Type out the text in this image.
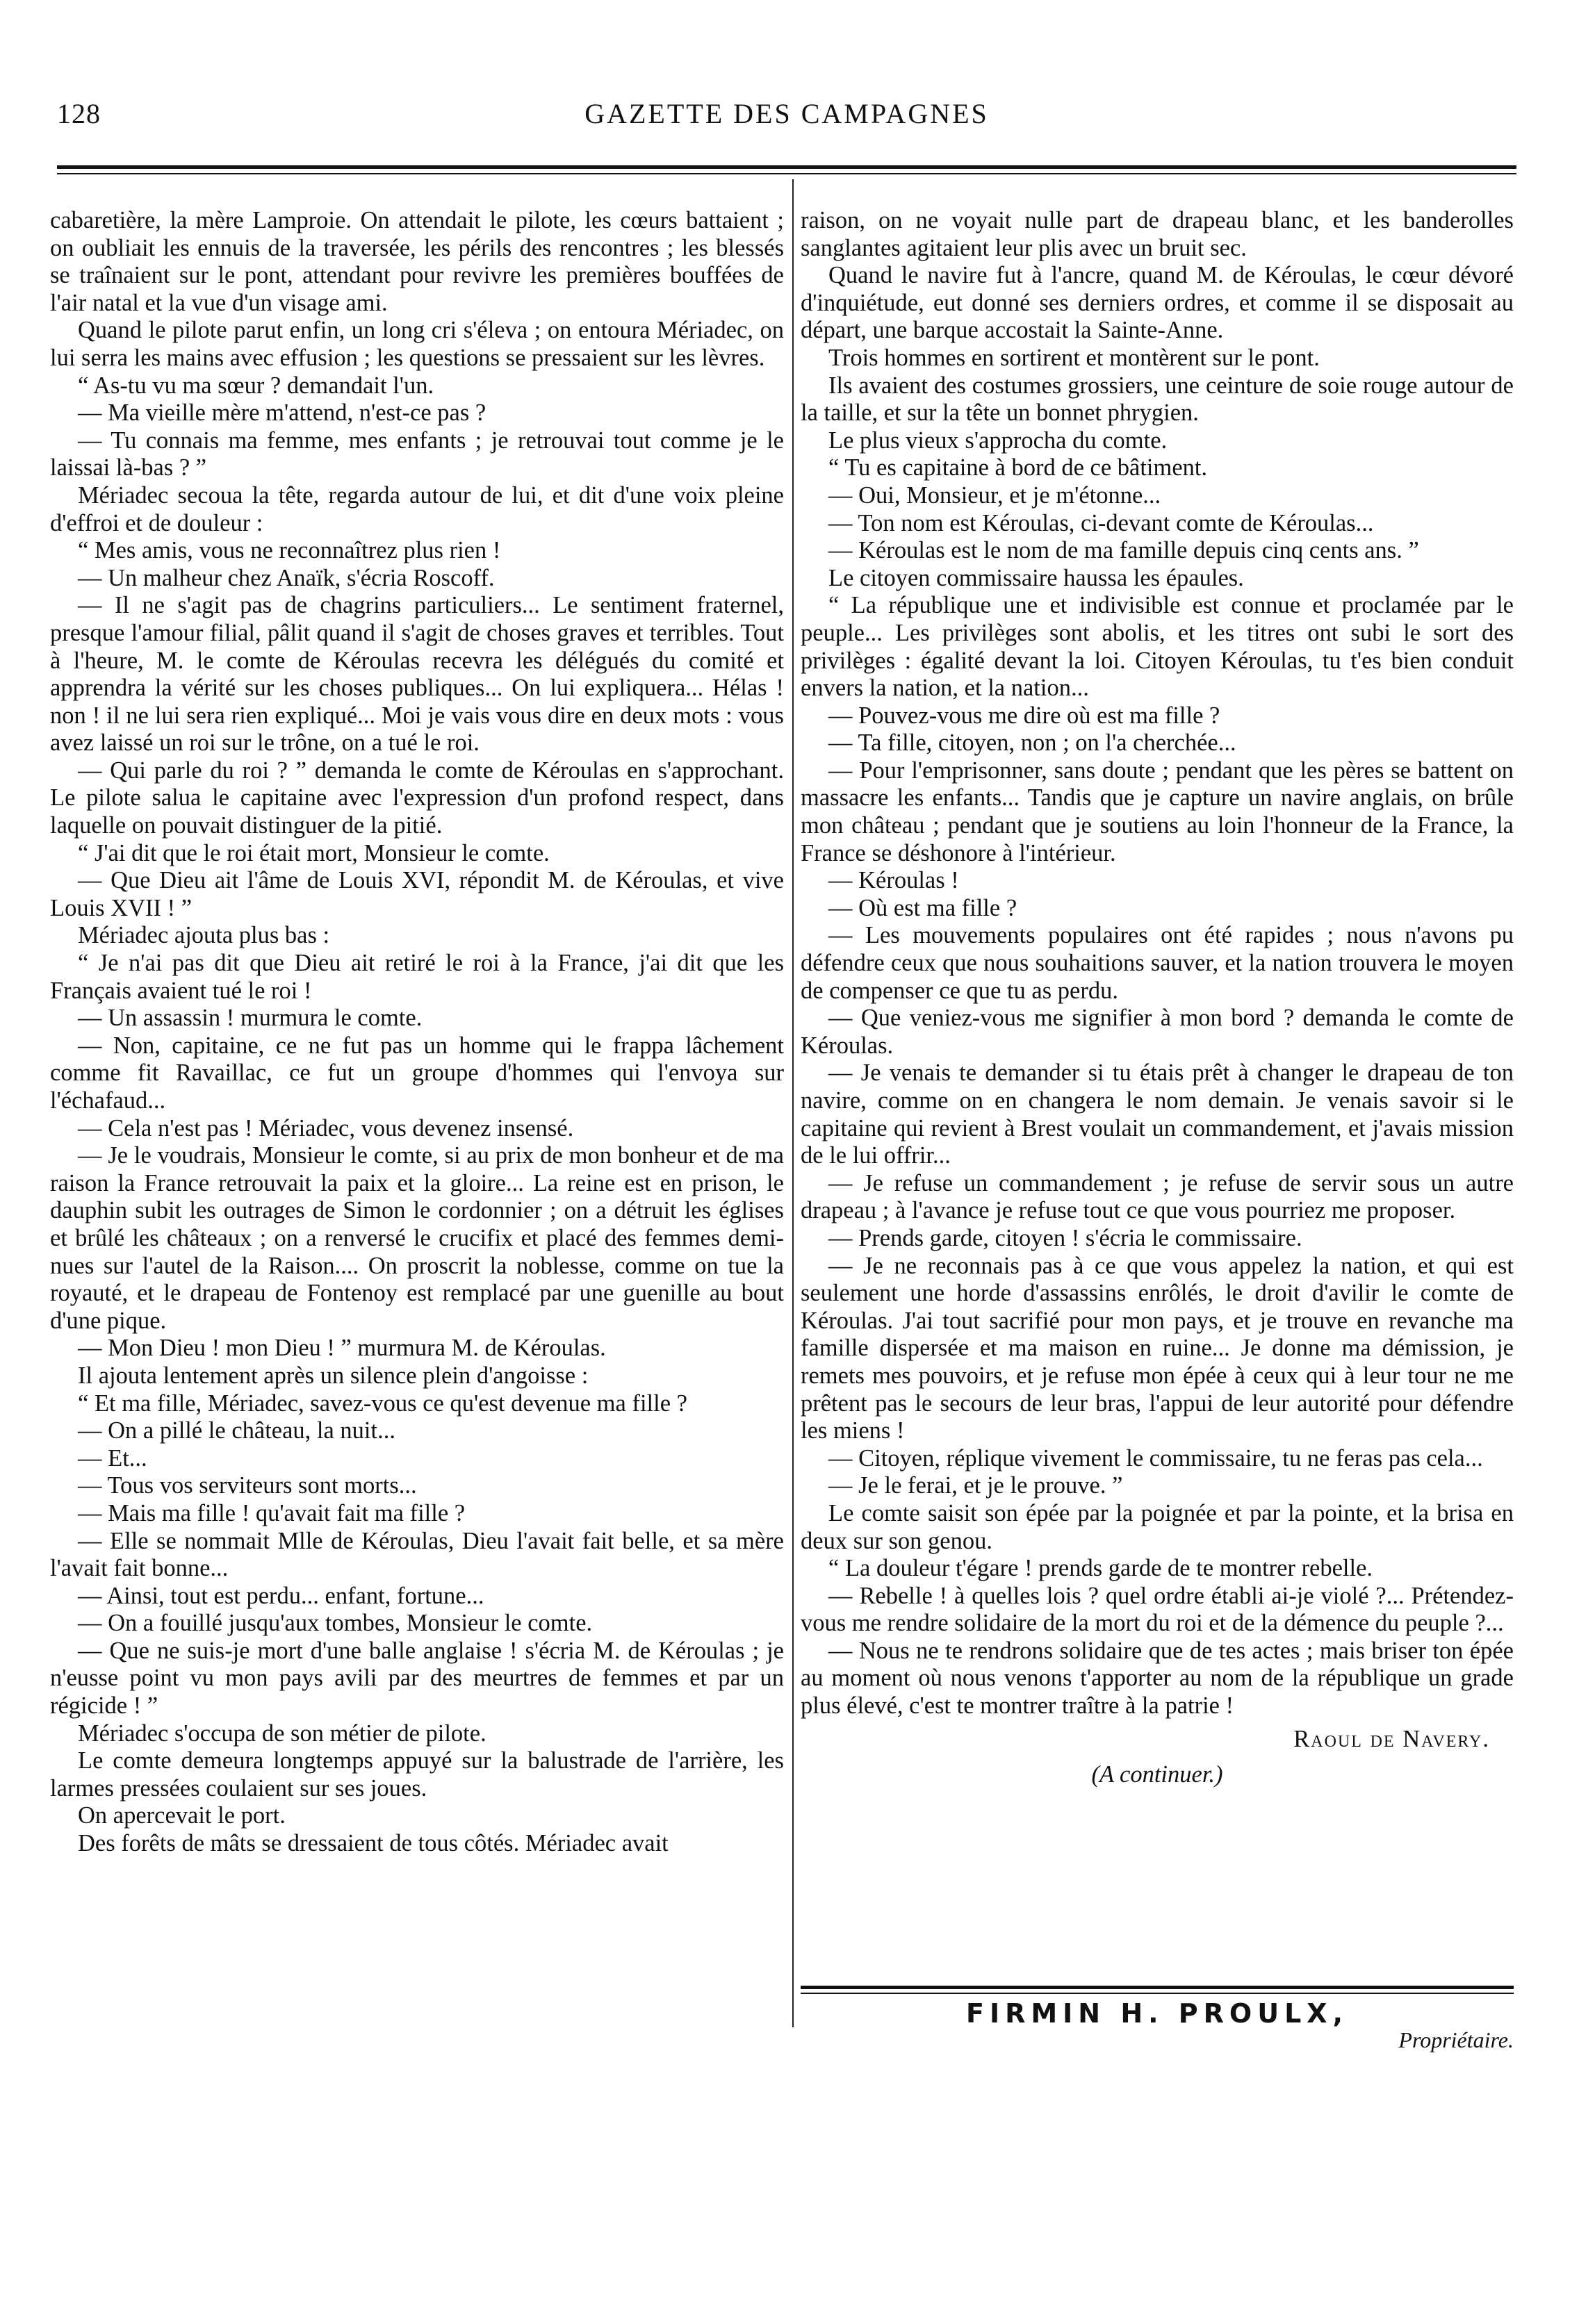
128	GAZETTE DES CAMPAGNES

cabaretière, la mère Lamproie. On attendait le pilote, les cœurs battaient ; on oubliait les ennuis de la traversée, les périls des rencontres ; les blessés se traînaient sur le pont, attendant pour revivre les premières bouffées de l'air natal et la vue d'un visage ami.

Quand le pilote parut enfin, un long cri s'éleva ; on entoura Mériadec, on lui serra les mains avec effusion ; les questions se pressaient sur les lèvres.

“ As-tu vu ma sœur ? demandait l'un.

— Ma vieille mère m'attend, n'est-ce pas ?

— Tu connais ma femme, mes enfants ; je retrouvai tout comme je le laissai là-bas ? ”

Mériadec secoua la tête, regarda autour de lui, et dit d'une voix pleine d'effroi et de douleur :

“ Mes amis, vous ne reconnaîtrez plus rien !

— Un malheur chez Anaïk, s'écria Roscoff.

— Il ne s'agit pas de chagrins particuliers... Le sentiment fraternel, presque l'amour filial, pâlit quand il s'agit de choses graves et terribles. Tout à l'heure, M. le comte de Kéroulas recevra les délégués du comité et apprendra la vérité sur les choses publiques... On lui expliquera... Hélas ! non ! il ne lui sera rien expliqué... Moi je vais vous dire en deux mots : vous avez laissé un roi sur le trône, on a tué le roi.

— Qui parle du roi ? ” demanda le comte de Kéroulas en s'approchant. Le pilote salua le capitaine avec l'expression d'un profond respect, dans laquelle on pouvait distinguer de la pitié.

“ J'ai dit que le roi était mort, Monsieur le comte.

— Que Dieu ait l'âme de Louis XVI, répondit M. de Kéroulas, et vive Louis XVII ! ”

Mériadec ajouta plus bas :

“ Je n'ai pas dit que Dieu ait retiré le roi à la France, j'ai dit que les Français avaient tué le roi !

— Un assassin ! murmura le comte.

— Non, capitaine, ce ne fut pas un homme qui le frappa lâchement comme fit Ravaillac, ce fut un groupe d'hommes qui l'envoya sur l'échafaud...

— Cela n'est pas ! Mériadec, vous devenez insensé.

— Je le voudrais, Monsieur le comte, si au prix de mon bonheur et de ma raison la France retrouvait la paix et la gloire... La reine est en prison, le dauphin subit les outrages de Simon le cordonnier ; on a détruit les églises et brûlé les châteaux ; on a renversé le crucifix et placé des femmes demi-nues sur l'autel de la Raison.... On proscrit la noblesse, comme on tue la royauté, et le drapeau de Fontenoy est remplacé par une guenille au bout d'une pique.

— Mon Dieu ! mon Dieu ! ” murmura M. de Kéroulas.

Il ajouta lentement après un silence plein d'angoisse :

“ Et ma fille, Mériadec, savez-vous ce qu'est devenue ma fille ?

— On a pillé le château, la nuit...

— Et...

— Tous vos serviteurs sont morts...

— Mais ma fille ! qu'avait fait ma fille ?

— Elle se nommait Mlle de Kéroulas, Dieu l'avait fait belle, et sa mère l'avait fait bonne...

— Ainsi, tout est perdu... enfant, fortune...

— On a fouillé jusqu'aux tombes, Monsieur le comte.

— Que ne suis-je mort d'une balle anglaise ! s'écria M. de Kéroulas ; je n'eusse point vu mon pays avili par des meurtres de femmes et par un régicide ! ”

Mériadec s'occupa de son métier de pilote.

Le comte demeura longtemps appuyé sur la balustrade de l'arrière, les larmes pressées coulaient sur ses joues.

On apercevait le port.

Des forêts de mâts se dressaient de tous côtés. Mériadec avait

raison, on ne voyait nulle part de drapeau blanc, et les banderolles sanglantes agitaient leur plis avec un bruit sec.

Quand le navire fut à l'ancre, quand M. de Kéroulas, le cœur dévoré d'inquiétude, eut donné ses derniers ordres, et comme il se disposait au départ, une barque accostait la Sainte-Anne.

Trois hommes en sortirent et montèrent sur le pont.

Ils avaient des costumes grossiers, une ceinture de soie rouge autour de la taille, et sur la tête un bonnet phrygien.

Le plus vieux s'approcha du comte.

“ Tu es capitaine à bord de ce bâtiment.

— Oui, Monsieur, et je m'étonne...

— Ton nom est Kéroulas, ci-devant comte de Kéroulas...

— Kéroulas est le nom de ma famille depuis cinq cents ans. ”

Le citoyen commissaire haussa les épaules.

“ La république une et indivisible est connue et proclamée par le peuple... Les privilèges sont abolis, et les titres ont subi le sort des privilèges : égalité devant la loi. Citoyen Kéroulas, tu t'es bien conduit envers la nation, et la nation...

— Pouvez-vous me dire où est ma fille ?

— Ta fille, citoyen, non ; on l'a cherchée...

— Pour l'emprisonner, sans doute ; pendant que les pères se battent on massacre les enfants... Tandis que je capture un navire anglais, on brûle mon château ; pendant que je soutiens au loin l'honneur de la France, la France se déshonore à l'intérieur.

— Kéroulas !

— Où est ma fille ?

— Les mouvements populaires ont été rapides ; nous n'avons pu défendre ceux que nous souhaitions sauver, et la nation trouvera le moyen de compenser ce que tu as perdu.

— Que veniez-vous me signifier à mon bord ? demanda le comte de Kéroulas.

— Je venais te demander si tu étais prêt à changer le drapeau de ton navire, comme on en changera le nom demain. Je venais savoir si le capitaine qui revient à Brest voulait un commandement, et j'avais mission de le lui offrir...

— Je refuse un commandement ; je refuse de servir sous un autre drapeau ; à l'avance je refuse tout ce que vous pourriez me proposer.

— Prends garde, citoyen ! s'écria le commissaire.

— Je ne reconnais pas à ce que vous appelez la nation, et qui est seulement une horde d'assassins enrôlés, le droit d'avilir le comte de Kéroulas. J'ai tout sacrifié pour mon pays, et je trouve en revanche ma famille dispersée et ma maison en ruine... Je donne ma démission, je remets mes pouvoirs, et je refuse mon épée à ceux qui à leur tour ne me prêtent pas le secours de leur bras, l'appui de leur autorité pour défendre les miens !

— Citoyen, réplique vivement le commissaire, tu ne feras pas cela...

— Je le ferai, et je le prouve. ”

Le comte saisit son épée par la poignée et par la pointe, et la brisa en deux sur son genou.

“ La douleur t'égare ! prends garde de te montrer rebelle.

— Rebelle ! à quelles lois ? quel ordre établi ai-je violé ?... Prétendez-vous me rendre solidaire de la mort du roi et de la démence du peuple ?...

— Nous ne te rendrons solidaire que de tes actes ; mais briser ton épée au moment où nous venons t'apporter au nom de la république un grade plus élevé, c'est te montrer traître à la patrie !

Raoul de Navery.
(A continuer.)
FIRMIN H. PROULX,
Propriétaire.
